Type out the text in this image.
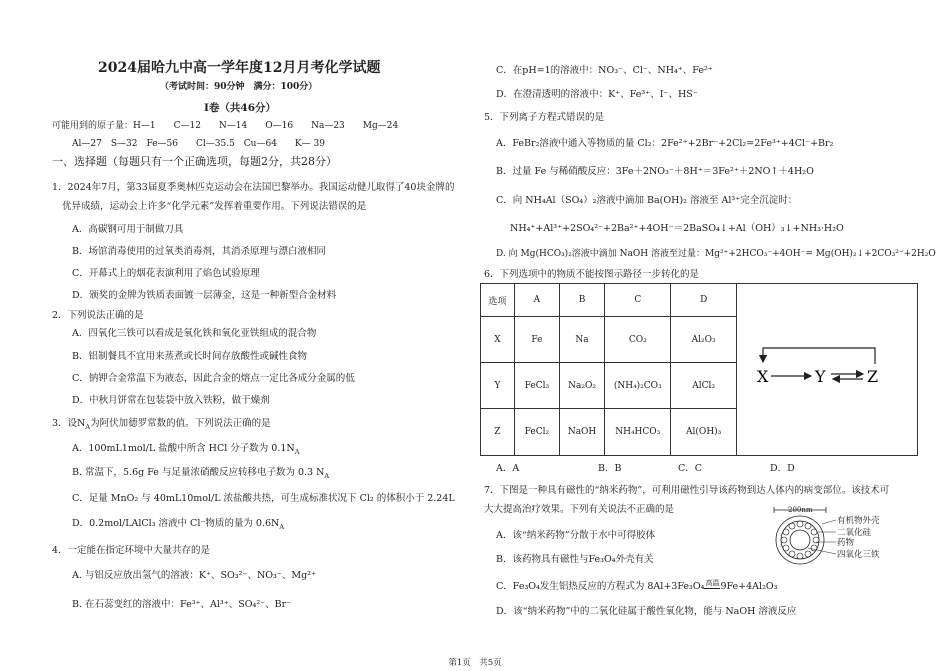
2024届哈九中高一学年度12月月考化学试题
（考试时间：90分钟　满分：100分）
Ⅰ卷（共46分）
可能用到的原子量：H—1　　C—12　　N—14　　O—16　　Na—23　　Mg—24
Al—27　S—32　Fe—56　　Cl—35.5　Cu—64　　K— 39
一、选择题（每题只有一个正确选项，每题2分，共28分）
1．2024年7月，第33届夏季奥林匹克运动会在法国巴黎举办。我国运动健儿取得了40块金牌的
优异成绩，运动会上许多“化学元素”发挥着重要作用。下列说法错误的是
A．高碳钢可用于制做刀具
B．场馆消毒使用的过氧类消毒剂，其消杀原理与漂白液相同
C．开幕式上的烟花表演利用了焰色试验原理
D．颁奖的金牌为铁质表面镀一层薄金，这是一种新型合金材料
2．下列说法正确的是
A．四氧化三铁可以看成是氧化铁和氧化亚铁组成的混合物
B．铝制餐具不宜用来蒸煮或长时间存放酸性或碱性食物
C．钠钾合金常温下为液态，因此合金的熔点一定比各成分金属的低
D．中秋月饼常在包装袋中放入铁粉，做干燥剂
3．设$N_A$为阿伏加德罗常数的值。下列说法正确的是
A．100mL1mol/L 盐酸中所含 HCl 分子数为 $0.1N_A$
B. 常温下，5.6g Fe 与足量浓硝酸反应转移电子数为 0.3 $N_A$
C．足量 MnO₂ 与 40mL10mol/L 浓盐酸共热，可生成标准状况下 Cl₂ 的体积小于 2.24L
D．0.2mol/LAlCl₃ 溶液中 Cl⁻物质的量为 $0.6N_A$
4．一定能在指定环境中大量共存的是
A. 与铝反应放出氢气的溶液：K⁺、SO₃²⁻、NO₃⁻、Mg²⁺
B. 在石蕊变红的溶液中：Fe³⁺、Al³⁺、SO₄²⁻、Br⁻
C．在pH=1的溶液中：NO₃⁻、Cl⁻、NH₄⁺、Fe²⁺
D．在澄清透明的溶液中：K⁺、Fe³⁺、I⁻、HS⁻
5．下列离子方程式错误的是
A．FeBr₂溶液中通入等物质的量 Cl₂：2Fe²⁺+2Br⁻+2Cl₂=2Fe³⁺+4Cl⁻+Br₂
B．过量 Fe 与稀硝酸反应：3Fe＋2NO₃⁻＋8H⁺＝3Fe²⁺＋2NO↑＋4H₂O
C．向 NH₄Al（SO₄）₂溶液中滴加 Ba(OH)₂ 溶液至 Al³⁺完全沉淀时：
NH₄⁺+Al³⁺+2SO₄²⁻+2Ba²⁺+4OH⁻＝2BaSO₄↓+Al（OH）₃↓+NH₃·H₂O
D. 向 Mg(HCO₃)₂溶液中滴加 NaOH 溶液至过量：Mg²⁺+2HCO₃⁻+4OH⁻= Mg(OH)₂↓+2CO₃²⁻+2H₂O
6．下列选项中的物质不能按图示路径一步转化的是
选项	A	B	C	D	X Y Z

X	Fe	Na	CO₂	Al₂O₃	
Y	FeCl₃	Na₂O₂	(NH₄)₂CO₃	AlCl₃	
Z	FeCl₂	NaOH	NH₄HCO₃	Al(OH)₃	
A．A	B．B	C．C	D．D
7．下图是一种具有磁性的“纳米药物”，可利用磁性引导该药物到达人体内的病变部位。该技术可
大大提高治疗效果。下列有关说法不正确的是
A．该“纳米药物”分散于水中可得胶体
B．该药物具有磁性与Fe₃O₄外壳有关
C．Fe₃O₄发生铝热反应的方程式为 8Al+3Fe₃O₄高温9Fe+4Al₂O₃
D．该“纳米药物”中的二氧化硅属于酸性氧化物，能与 NaOH 溶液反应
200nm
有机物外壳
二氧化硅
药物
四氧化三铁
第1页　共5页
